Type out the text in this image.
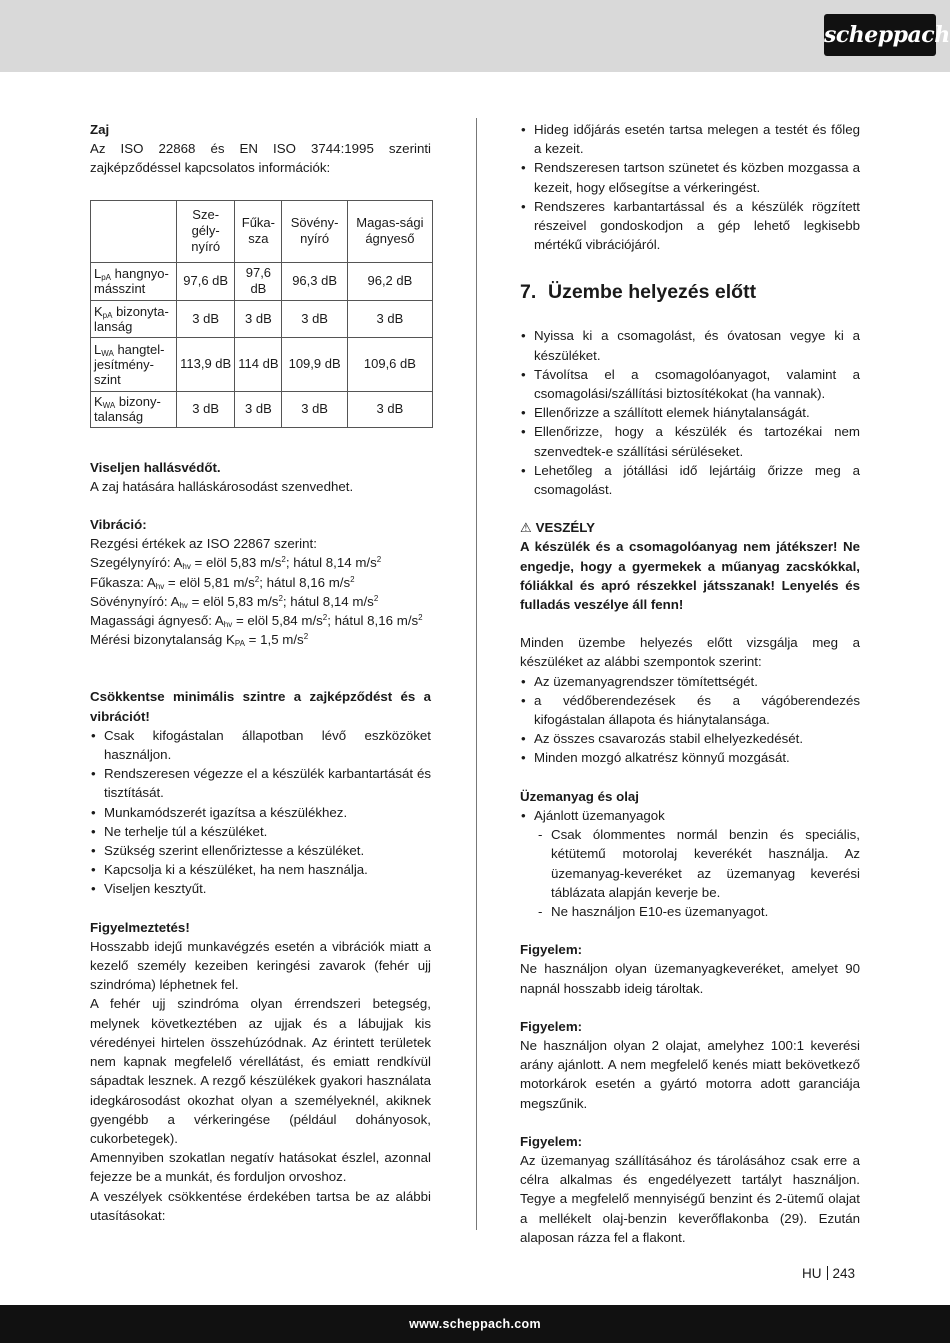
scheppach

Zaj

Az ISO 22868 és EN ISO 3744:1995 szerinti zajképződéssel kapcsolatos információk:

	Sze-gély-nyíró	Fűka-sza	Sövény-nyíró	Magas-sági ágnyeső
$L_{pA}$ hangnyo-másszint	97,6 dB	97,6 dB	96,3 dB	96,2 dB
$K_{pA}$ bizonyta-lanság	3 dB	3 dB	3 dB	3 dB
$L_{WA}$ hangtel-jesítmény-szint	113,9 dB	114 dB	109,9 dB	109,6 dB
$K_{WA}$ bizony-talanság	3 dB	3 dB	3 dB	3 dB

Viseljen hallásvédőt.

A zaj hatására halláskárosodást szenvedhet.

Vibráció:

Rezgési értékek az ISO 22867 szerint:

Szegélynyíró: $A_{hv}$ = elöl 5,83 $m/s^2$; hátul 8,14 $m/s^2$

Fűkasza: $A_{hv}$ = elöl 5,81 $m/s^2$; hátul 8,16 $m/s^2$

Sövénynyíró: $A_{hv}$ = elöl 5,83 $m/s^2$; hátul 8,14 $m/s^2$

Magassági ágnyeső: $A_{hv}$ = elöl 5,84 $m/s^2$; hátul 8,16 $m/s^2$

Mérési bizonytalanság $K_{PA} = 1,5$ $m/s^2$

Csökkentse minimális szintre a zajképződést és a vibrációt!

• Csak kifogástalan állapotban lévő eszközöket használjon.
• Rendszeresen végezze el a készülék karbantartását és tisztítását.
• Munkamódszerét igazítsa a készülékhez.
• Ne terhelje túl a készüléket.
• Szükség szerint ellenőriztesse a készüléket.
• Kapcsolja ki a készüléket, ha nem használja.
• Viseljen kesztyűt.

Figyelmeztetés!

Hosszabb idejű munkavégzés esetén a vibrációk miatt a kezelő személy kezeiben keringési zavarok (fehér ujj szindróma) léphetnek fel.

A fehér ujj szindróma olyan érrendszeri betegség, melynek következtében az ujjak és a lábujjak kis véredényei hirtelen összehúzódnak. Az érintett területek nem kapnak megfelelő vérellátást, és emiatt rendkívül sápadtak lesznek. A rezgő készülékek gyakori használata idegkárosodást okozhat olyan a személyeknél, akiknek gyengébb a vérkeringése (például dohányosok, cukorbetegek).

Amennyiben szokatlan negatív hatásokat észlel, azonnal fejezze be a munkát, és forduljon orvoshoz.

A veszélyek csökkentése érdekében tartsa be az alábbi utasításokat:

• Hideg időjárás esetén tartsa melegen a testét és főleg a kezeit.
• Rendszeresen tartson szünetet és közben mozgassa a kezeit, hogy elősegítse a vérkeringést.
• Rendszeres karbantartással és a készülék rögzített részeivel gondoskodjon a gép lehető legkisebb mértékű vibrációjáról.
7. Üzembe helyezés előtt
• Nyissa ki a csomagolást, és óvatosan vegye ki a készüléket.
• Távolítsa el a csomagolóanyagot, valamint a csomagolási/szállítási biztosítékokat (ha vannak).
• Ellenőrizze a szállított elemek hiánytalanságát.
• Ellenőrizze, hogy a készülék és tartozékai nem szenvedtek-e szállítási sérüléseket.
• Lehetőleg a jótállási idő lejártáig őrizze meg a csomagolást.

⚠ VESZÉLY

A készülék és a csomagolóanyag nem játékszer! Ne engedje, hogy a gyermekek a műanyag zacskókkal, fóliákkal és apró részekkel játsszanak! Lenyelés és fulladás veszélye áll fenn!

Minden üzembe helyezés előtt vizsgálja meg a készüléket az alábbi szempontok szerint:

• Az üzemanyagrendszer tömítettségét.
• a védőberendezések és a vágóberendezés kifogástalan állapota és hiánytalansága.
• Az összes csavarozás stabil elhelyezkedését.
• Minden mozgó alkatrész könnyű mozgását.

Üzemanyag és olaj

• Ajánlott üzemanyagok
- Csak ólommentes normál benzin és speciális, kétütemű motorolaj keverékét használja. Az üzemanyag-keveréket az üzemanyag keverési táblázata alapján keverje be.
- Ne használjon E10-es üzemanyagot.

Figyelem:

Ne használjon olyan üzemanyagkeveréket, amelyet 90 napnál hosszabb ideig tároltak.

Figyelem:

Ne használjon olyan 2 olajat, amelyhez 100:1 keverési arány ajánlott. A nem megfelelő kenés miatt bekövetkező motorkárok esetén a gyártó motorra adott garanciája megszűnik.

Figyelem:

Az üzemanyag szállításához és tárolásához csak erre a célra alkalmas és engedélyezett tartályt használjon. Tegye a megfelelő mennyiségű benzint és 2-ütemű olajat a mellékelt olaj-benzin keverőflakonba (29). Ezután alaposan rázza fel a flakont.

HU 243
www.scheppach.com
